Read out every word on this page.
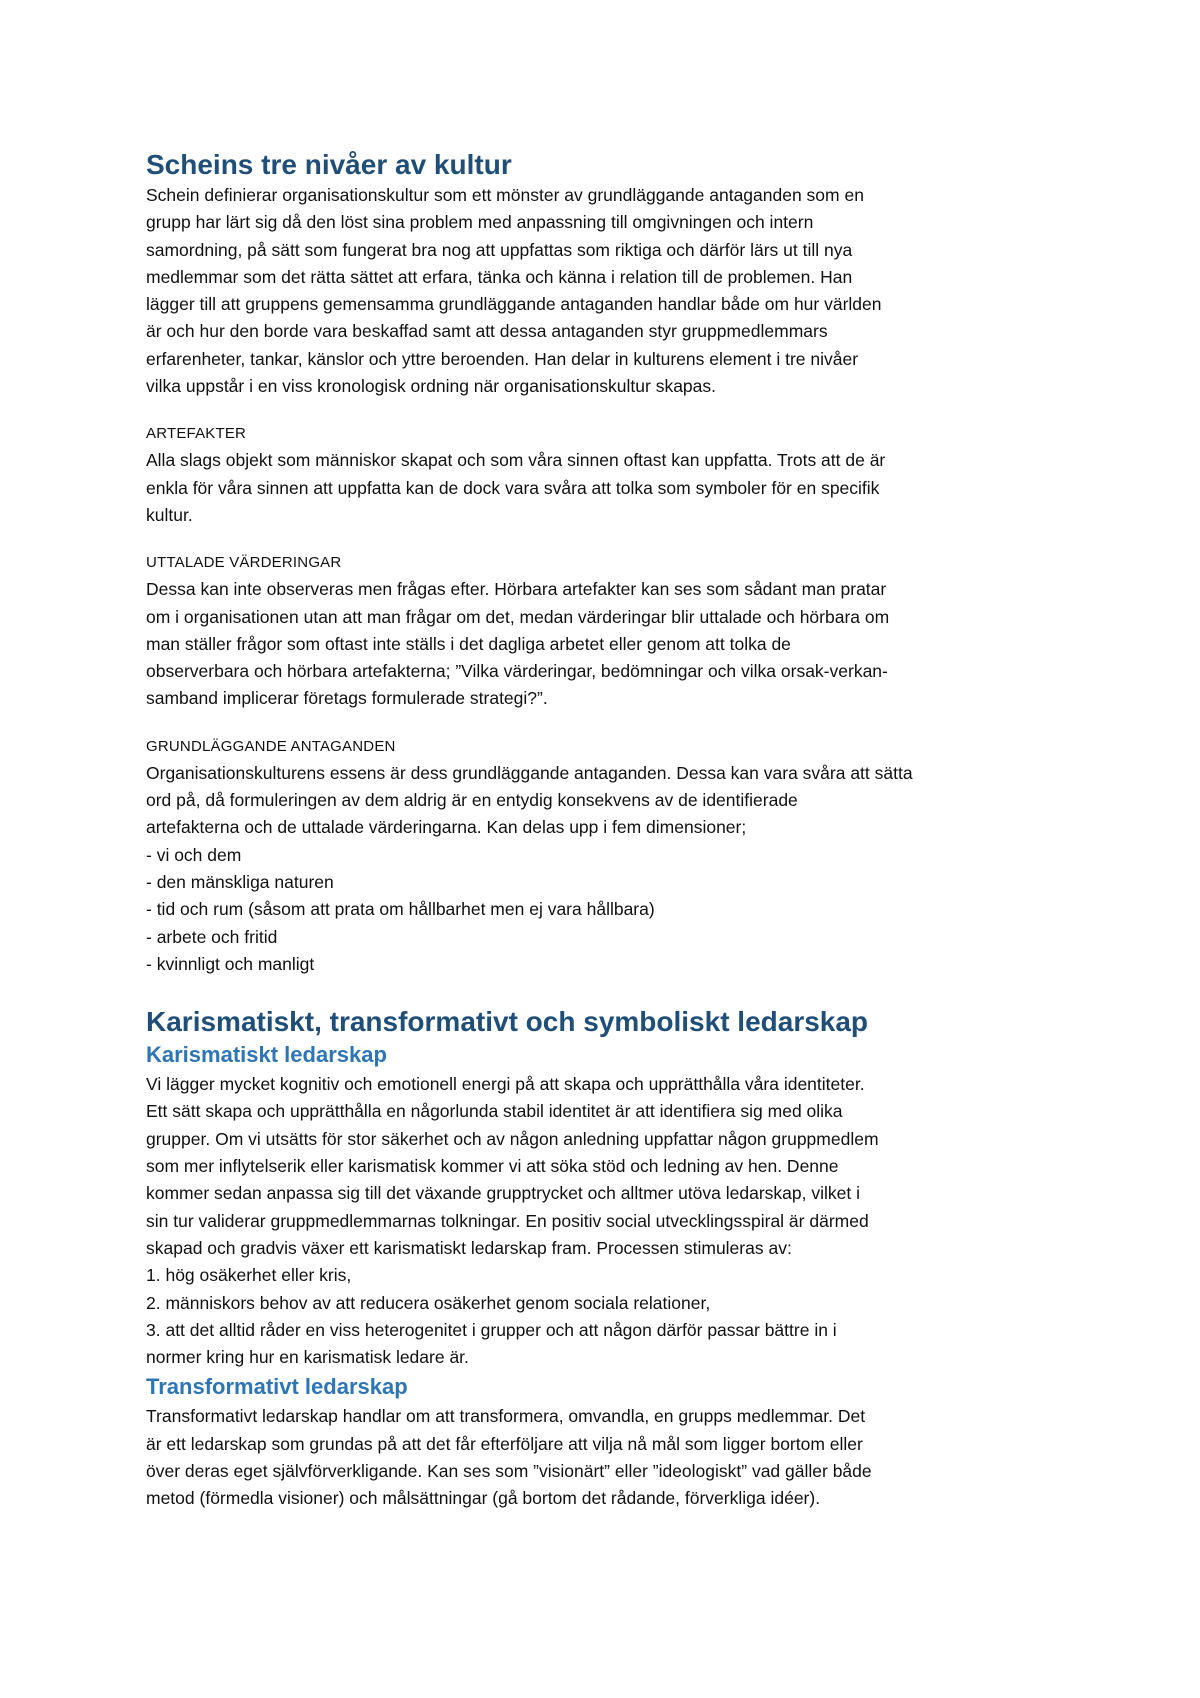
Scheins tre nivåer av kultur

Schein definierar organisationskultur som ett mönster av grundläggande antaganden som en
grupp har lärt sig då den löst sina problem med anpassning till omgivningen och intern
samordning, på sätt som fungerat bra nog att uppfattas som riktiga och därför lärs ut till nya
medlemmar som det rätta sättet att erfara, tänka och känna i relation till de problemen. Han
lägger till att gruppens gemensamma grundläggande antaganden handlar både om hur världen
är och hur den borde vara beskaffad samt att dessa antaganden styr gruppmedlemmars
erfarenheter, tankar, känslor och yttre beroenden. Han delar in kulturens element i tre nivåer
vilka uppstår i en viss kronologisk ordning när organisationskultur skapas.

ARTEFAKTER

Alla slags objekt som människor skapat och som våra sinnen oftast kan uppfatta. Trots att de är
enkla för våra sinnen att uppfatta kan de dock vara svåra att tolka som symboler för en specifik
kultur.

UTTALADE VÄRDERINGAR

Dessa kan inte observeras men frågas efter. Hörbara artefakter kan ses som sådant man pratar
om i organisationen utan att man frågar om det, medan värderingar blir uttalade och hörbara om
man ställer frågor som oftast inte ställs i det dagliga arbetet eller genom att tolka de
observerbara och hörbara artefakterna; ”Vilka värderingar, bedömningar och vilka orsak-verkan-
samband implicerar företags formulerade strategi?”.

GRUNDLÄGGANDE ANTAGANDEN

Organisationskulturens essens är dess grundläggande antaganden. Dessa kan vara svåra att sätta
ord på, då formuleringen av dem aldrig är en entydig konsekvens av de identifierade
artefakterna och de uttalade värderingarna. Kan delas upp i fem dimensioner;
- vi och dem
- den mänskliga naturen
- tid och rum (såsom att prata om hållbarhet men ej vara hållbara)
- arbete och fritid
- kvinnligt och manligt

Karismatiskt, transformativt och symboliskt ledarskap
Karismatiskt ledarskap

Vi lägger mycket kognitiv och emotionell energi på att skapa och upprätthålla våra identiteter.
Ett sätt skapa och upprätthålla en någorlunda stabil identitet är att identifiera sig med olika
grupper. Om vi utsätts för stor säkerhet och av någon anledning uppfattar någon gruppmedlem
som mer inflytelserik eller karismatisk kommer vi att söka stöd och ledning av hen. Denne
kommer sedan anpassa sig till det växande grupptrycket och alltmer utöva ledarskap, vilket i
sin tur validerar gruppmedlemmarnas tolkningar. En positiv social utvecklingsspiral är därmed
skapad och gradvis växer ett karismatiskt ledarskap fram. Processen stimuleras av:
1. hög osäkerhet eller kris,
2. människors behov av att reducera osäkerhet genom sociala relationer,
3. att det alltid råder en viss heterogenitet i grupper och att någon därför passar bättre in i
normer kring hur en karismatisk ledare är.

Transformativt ledarskap

Transformativt ledarskap handlar om att transformera, omvandla, en grupps medlemmar. Det
är ett ledarskap som grundas på att det får efterföljare att vilja nå mål som ligger bortom eller
över deras eget självförverkligande. Kan ses som ”visionärt” eller ”ideologiskt” vad gäller både
metod (förmedla visioner) och målsättningar (gå bortom det rådande, förverkliga idéer).
